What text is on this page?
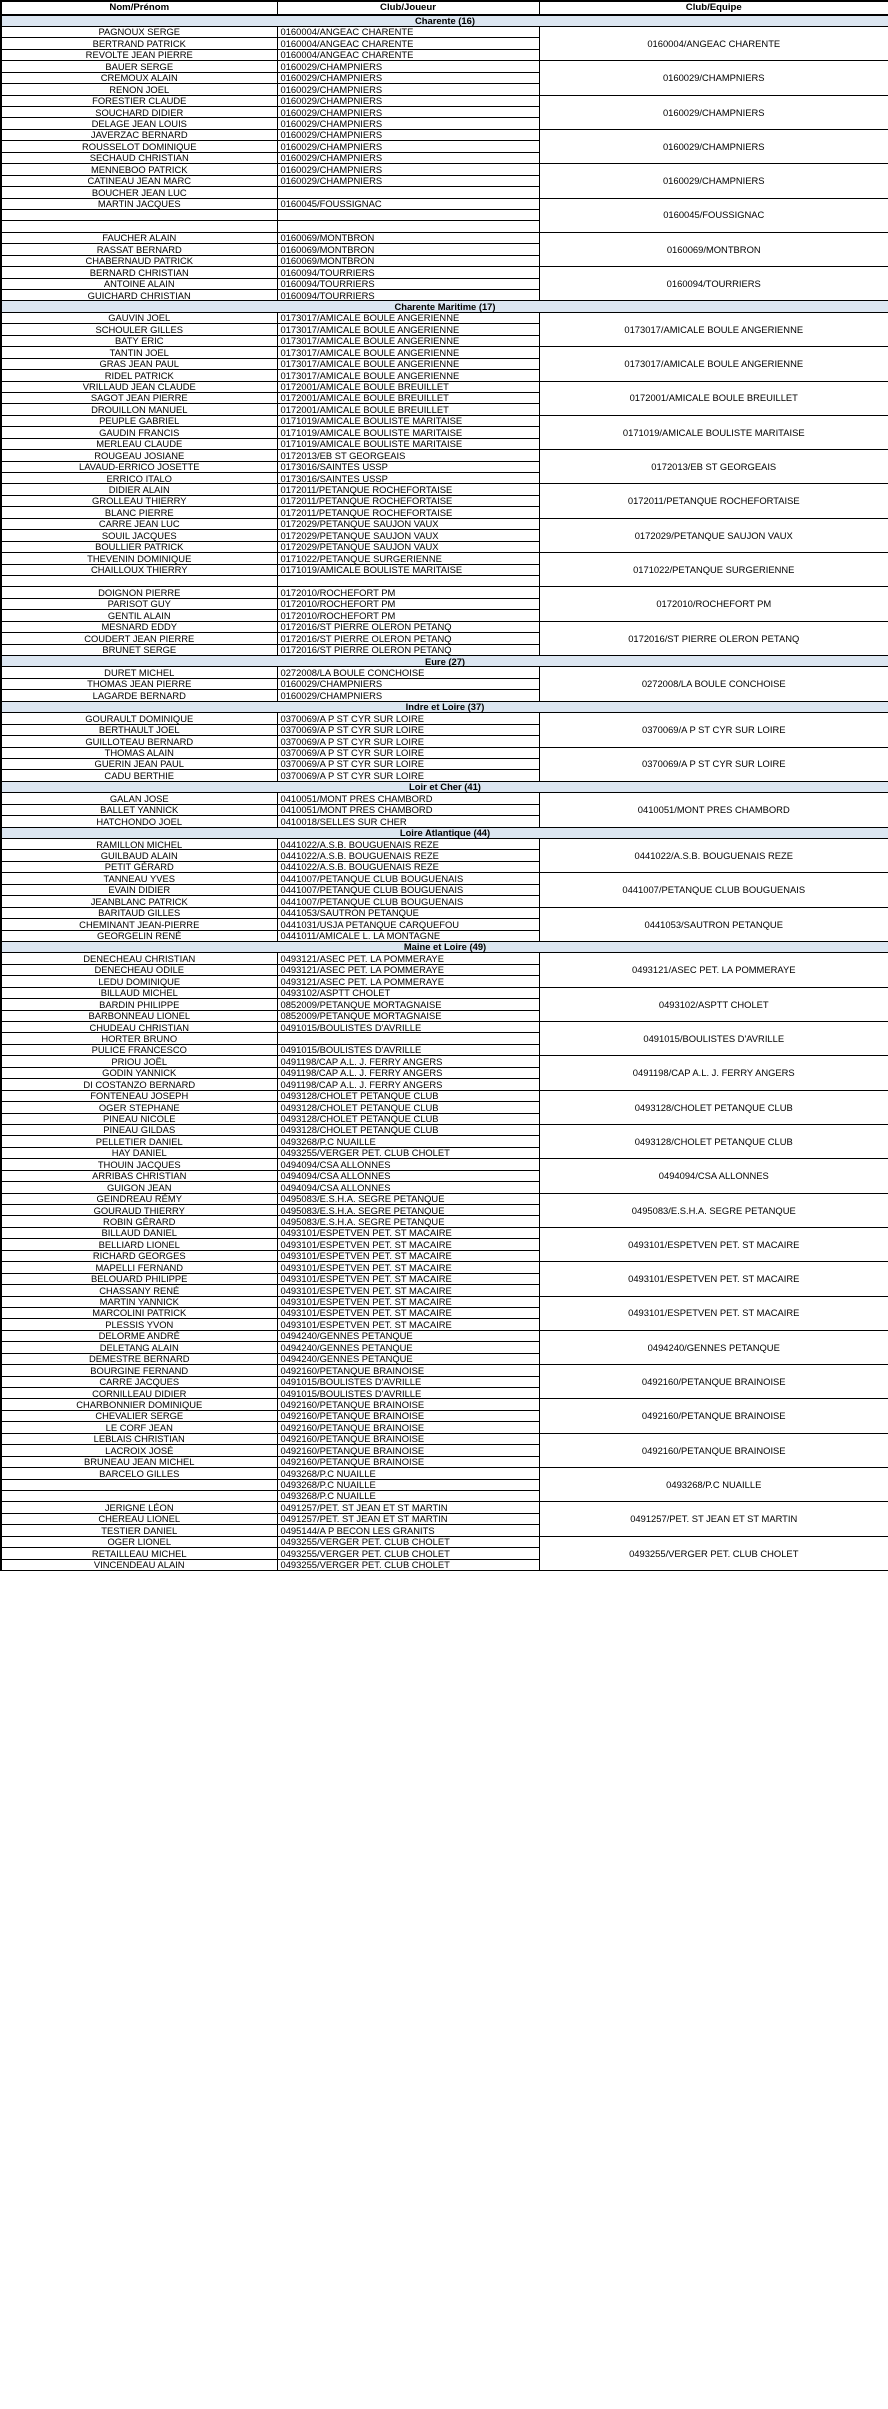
Nom/Prénom	Club/Joueur	Club/Equipe
Charente (16)		
PAGNOUX SERGE	0160004/ANGEAC CHARENTE	0160004/ANGEAC CHARENTE
BERTRAND PATRICK	0160004/ANGEAC CHARENTE	
REVOLTE JEAN PIERRE	0160004/ANGEAC CHARENTE	
BAUER SERGE	0160029/CHAMPNIERS	0160029/CHAMPNIERS
CREMOUX ALAIN	0160029/CHAMPNIERS	
RENON JOEL	0160029/CHAMPNIERS	
FORESTIER CLAUDE	0160029/CHAMPNIERS	0160029/CHAMPNIERS
SOUCHARD DIDIER	0160029/CHAMPNIERS	
DELAGE JEAN LOUIS	0160029/CHAMPNIERS	
JAVERZAC BERNARD	0160029/CHAMPNIERS	0160029/CHAMPNIERS
ROUSSELOT DOMINIQUE	0160029/CHAMPNIERS	
SECHAUD CHRISTIAN	0160029/CHAMPNIERS	
MENNEBOO PATRICK	0160029/CHAMPNIERS	0160029/CHAMPNIERS
CATINEAU JEAN MARC	0160029/CHAMPNIERS	
BOUCHER JEAN LUC		
MARTIN JACQUES	0160045/FOUSSIGNAC	0160045/FOUSSIGNAC

FAUCHER ALAIN	0160069/MONTBRON	0160069/MONTBRON
RASSAT BERNARD	0160069/MONTBRON	
CHABERNAUD PATRICK	0160069/MONTBRON	
BERNARD CHRISTIAN	0160094/TOURRIERS	0160094/TOURRIERS
ANTOINE ALAIN	0160094/TOURRIERS	
GUICHARD CHRISTIAN	0160094/TOURRIERS	
Charente Maritime (17)		
GAUVIN JOEL	0173017/AMICALE BOULE ANGERIENNE	0173017/AMICALE BOULE ANGERIENNE
SCHOULER GILLES	0173017/AMICALE BOULE ANGERIENNE	
BATY ERIC	0173017/AMICALE BOULE ANGERIENNE	
TANTIN JOEL	0173017/AMICALE BOULE ANGERIENNE	0173017/AMICALE BOULE ANGERIENNE
GRAS JEAN PAUL	0173017/AMICALE BOULE ANGERIENNE	
RIDEL PATRICK	0173017/AMICALE BOULE ANGERIENNE	
VRILLAUD JEAN CLAUDE	0172001/AMICALE BOULE BREUILLET	0172001/AMICALE BOULE BREUILLET
SAGOT JEAN PIERRE	0172001/AMICALE BOULE BREUILLET	
DROUILLON MANUEL	0172001/AMICALE BOULE BREUILLET	
PEUPLE GABRIEL	0171019/AMICALE BOULISTE MARITAISE	0171019/AMICALE BOULISTE MARITAISE
GAUDIN FRANCIS	0171019/AMICALE BOULISTE MARITAISE	
MERLEAU CLAUDE	0171019/AMICALE BOULISTE MARITAISE	
ROUGEAU JOSIANE	0172013/EB ST GEORGEAIS	0172013/EB ST GEORGEAIS
LAVAUD-ERRICO JOSETTE	0173016/SAINTES USSP	
ERRICO ITALO	0173016/SAINTES USSP	
DIDIER ALAIN	0172011/PETANQUE ROCHEFORTAISE	0172011/PETANQUE ROCHEFORTAISE
GROLLEAU THIERRY	0172011/PETANQUE ROCHEFORTAISE	
BLANC PIERRE	0172011/PETANQUE ROCHEFORTAISE	
CARRE JEAN LUC	0172029/PETANQUE SAUJON VAUX	0172029/PETANQUE SAUJON VAUX
SOUIL JACQUES	0172029/PETANQUE SAUJON VAUX	
BOULLIER PATRICK	0172029/PETANQUE SAUJON VAUX	
THEVENIN DOMINIQUE	0171022/PETANQUE SURGERIENNE	0171022/PETANQUE SURGERIENNE
CHAILLOUX THIERRY	0171019/AMICALE BOULISTE MARITAISE	

DOIGNON PIERRE	0172010/ROCHEFORT PM	0172010/ROCHEFORT PM
PARISOT GUY	0172010/ROCHEFORT PM	
GENTIL ALAIN	0172010/ROCHEFORT PM	
MESNARD EDDY	0172016/ST PIERRE OLERON PETANQ	0172016/ST PIERRE OLERON PETANQ
COUDERT JEAN PIERRE	0172016/ST PIERRE OLERON PETANQ	
BRUNET SERGE	0172016/ST PIERRE OLERON PETANQ	
Eure (27)		
DURET MICHEL	0272008/LA BOULE CONCHOISE	0272008/LA BOULE CONCHOISE
THOMAS JEAN PIERRE	0160029/CHAMPNIERS	
LAGARDE BERNARD	0160029/CHAMPNIERS	
Indre et Loire (37)		
GOURAULT DOMINIQUE	0370069/A P ST CYR SUR LOIRE	0370069/A P ST CYR SUR LOIRE
BERTHAULT JOEL	0370069/A P ST CYR SUR LOIRE	
GUILLOTEAU BERNARD	0370069/A P ST CYR SUR LOIRE	
THOMAS ALAIN	0370069/A P ST CYR SUR LOIRE	0370069/A P ST CYR SUR LOIRE
GUERIN JEAN PAUL	0370069/A P ST CYR SUR LOIRE	
CADU BERTHIE	0370069/A P ST CYR SUR LOIRE	
Loir et Cher (41)		
GALAN JOSE	0410051/MONT PRES CHAMBORD	0410051/MONT PRES CHAMBORD
BALLET YANNICK	0410051/MONT PRES CHAMBORD	
HATCHONDO JOEL	0410018/SELLES SUR CHER	
Loire Atlantique (44)		
RAMILLON MICHEL	0441022/A.S.B. BOUGUENAIS REZE	0441022/A.S.B. BOUGUENAIS REZE
GUILBAUD ALAIN	0441022/A.S.B. BOUGUENAIS REZE	
PETIT GÉRARD	0441022/A.S.B. BOUGUENAIS REZE	
TANNEAU YVES	0441007/PETANQUE CLUB BOUGUENAIS	0441007/PETANQUE CLUB BOUGUENAIS
EVAIN DIDIER	0441007/PETANQUE CLUB BOUGUENAIS	
JEANBLANC PATRICK	0441007/PETANQUE CLUB BOUGUENAIS	
BARITAUD GILLES	0441053/SAUTRON PETANQUE	0441053/SAUTRON PETANQUE
CHEMINANT JEAN-PIERRE	0441031/USJA PETANQUE CARQUEFOU	
GEORGELIN RENÉ	0441011/AMICALE L. LA MONTAGNE	
Maine et Loire (49)		
DENECHEAU CHRISTIAN	0493121/ASEC PET. LA POMMERAYE	0493121/ASEC PET. LA POMMERAYE
DENECHEAU ODILE	0493121/ASEC PET. LA POMMERAYE	
LEDU DOMINIQUE	0493121/ASEC PET. LA POMMERAYE	
BILLAUD MICHEL	0493102/ASPTT CHOLET	0493102/ASPTT CHOLET
BARDIN PHILIPPE	0852009/PETANQUE MORTAGNAISE	
BARBONNEAU LIONEL	0852009/PETANQUE MORTAGNAISE	
CHUDEAU CHRISTIAN	0491015/BOULISTES D'AVRILLE	0491015/BOULISTES D'AVRILLE
HORTER BRUNO		
PULICE FRANCESCO	0491015/BOULISTES D'AVRILLE	
PRIOU JOËL	0491198/CAP A.L. J. FERRY ANGERS	0491198/CAP A.L. J. FERRY ANGERS
GODIN YANNICK	0491198/CAP A.L. J. FERRY ANGERS	
DI COSTANZO BERNARD	0491198/CAP A.L. J. FERRY ANGERS	
FONTENEAU JOSEPH	0493128/CHOLET PETANQUE CLUB	0493128/CHOLET PETANQUE CLUB
OGER STEPHANE	0493128/CHOLET PETANQUE CLUB	
PINEAU NICOLE	0493128/CHOLET PETANQUE CLUB	
PINEAU GILDAS	0493128/CHOLET PETANQUE CLUB	0493128/CHOLET PETANQUE CLUB
PELLETIER DANIEL	0493268/P.C NUAILLE	
HAY DANIEL	0493255/VERGER PET. CLUB CHOLET	
THOUIN JACQUES	0494094/CSA ALLONNES	0494094/CSA ALLONNES
ARRIBAS CHRISTIAN	0494094/CSA ALLONNES	
GUIGON JEAN	0494094/CSA ALLONNES	
GEINDREAU RÉMY	0495083/E.S.H.A. SEGRE PETANQUE	0495083/E.S.H.A. SEGRE PETANQUE
GOURAUD THIERRY	0495083/E.S.H.A. SEGRE PETANQUE	
ROBIN GÉRARD	0495083/E.S.H.A. SEGRE PETANQUE	
BILLAUD DANIEL	0493101/ESPETVEN PET. ST MACAIRE	0493101/ESPETVEN PET. ST MACAIRE
BELLIARD LIONEL	0493101/ESPETVEN PET. ST MACAIRE	
RICHARD GEORGES	0493101/ESPETVEN PET. ST MACAIRE	
MAPELLI FERNAND	0493101/ESPETVEN PET. ST MACAIRE	0493101/ESPETVEN PET. ST MACAIRE
BELOUARD PHILIPPE	0493101/ESPETVEN PET. ST MACAIRE	
CHASSANY RENÉ	0493101/ESPETVEN PET. ST MACAIRE	
MARTIN YANNICK	0493101/ESPETVEN PET. ST MACAIRE	0493101/ESPETVEN PET. ST MACAIRE
MARCOLINI PATRICK	0493101/ESPETVEN PET. ST MACAIRE	
PLESSIS YVON	0493101/ESPETVEN PET. ST MACAIRE	
DELORME ANDRÉ	0494240/GENNES PETANQUE	0494240/GENNES PETANQUE
DELETANG ALAIN	0494240/GENNES PETANQUE	
DEMESTRE BERNARD	0494240/GENNES PETANQUE	
BOURGINE FERNAND	0492160/PETANQUE BRAINOISE	0492160/PETANQUE BRAINOISE
CARRE JACQUES	0491015/BOULISTES D'AVRILLE	
CORNILLEAU DIDIER	0491015/BOULISTES D'AVRILLE	
CHARBONNIER DOMINIQUE	0492160/PETANQUE BRAINOISE	0492160/PETANQUE BRAINOISE
CHEVALIER SERGE	0492160/PETANQUE BRAINOISE	
LE CORF JEAN	0492160/PETANQUE BRAINOISE	
LEBLAIS CHRISTIAN	0492160/PETANQUE BRAINOISE	0492160/PETANQUE BRAINOISE
LACROIX JOSÉ	0492160/PETANQUE BRAINOISE	
BRUNEAU JEAN MICHEL	0492160/PETANQUE BRAINOISE	
BARCELO GILLES	0493268/P.C NUAILLE	0493268/P.C NUAILLE
	0493268/P.C NUAILLE	
	0493268/P.C NUAILLE	
JERIGNE LÉON	0491257/PET. ST JEAN ET ST MARTIN	0491257/PET. ST JEAN ET ST MARTIN
CHEREAU LIONEL	0491257/PET. ST JEAN ET ST MARTIN	
TESTIER DANIEL	0495144/A P BECON LES GRANITS	
OGER LIONEL	0493255/VERGER PET. CLUB CHOLET	0493255/VERGER PET. CLUB CHOLET
RETAILLEAU MICHEL	0493255/VERGER PET. CLUB CHOLET	
VINCENDEAU ALAIN	0493255/VERGER PET. CLUB CHOLET	
